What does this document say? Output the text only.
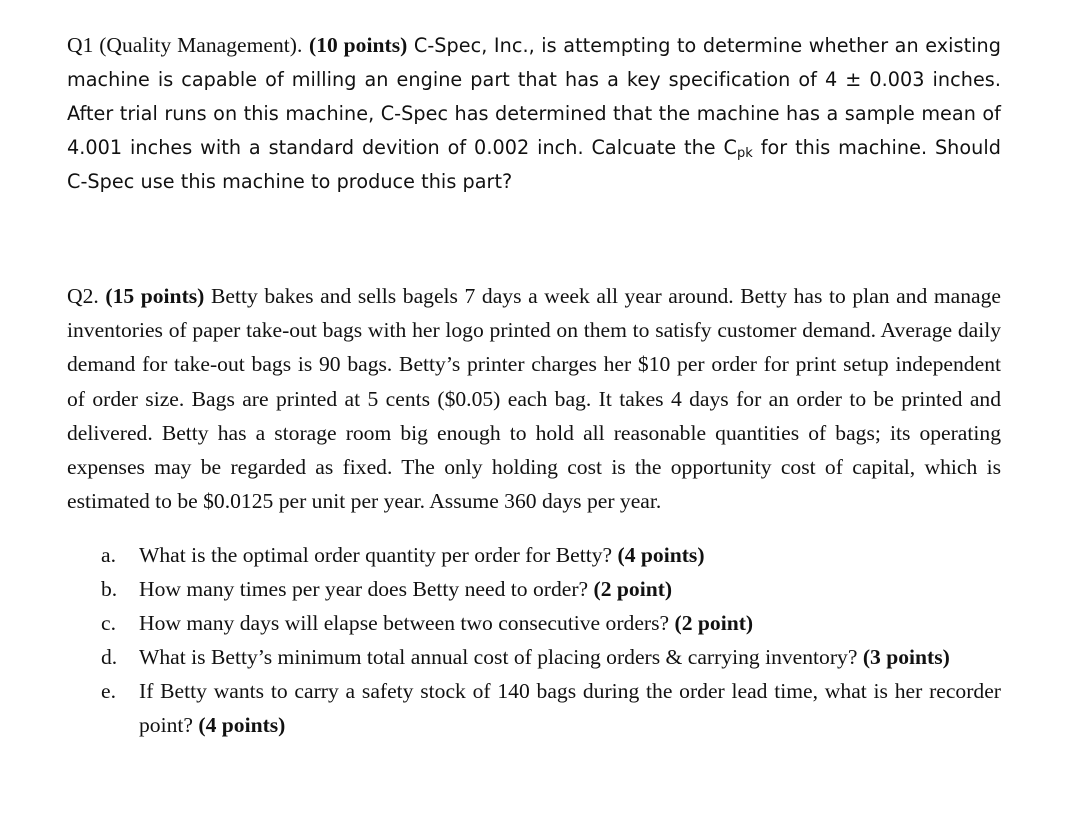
Q1 (Quality Management). (10 points) C-Spec, Inc., is attempting to determine whether an existing machine is capable of milling an engine part that has a key specification of 4 ± 0.003 inches. After trial runs on this machine, C-Spec has determined that the machine has a sample mean of 4.001 inches with a standard devition of 0.002 inch. Calcuate the $C_{pk}$ for this machine. Should C-Spec use this machine to produce this part?

Q2. (15 points) Betty bakes and sells bagels 7 days a week all year around. Betty has to plan and manage inventories of paper take-out bags with her logo printed on them to satisfy customer demand. Average daily demand for take-out bags is 90 bags. Betty’s printer charges her $10 per order for print setup independent of order size. Bags are printed at 5 cents ($0.05) each bag. It takes 4 days for an order to be printed and delivered. Betty has a storage room big enough to hold all reasonable quantities of bags; its operating expenses may be regarded as fixed. The only holding cost is the opportunity cost of capital, which is estimated to be $0.0125 per unit per year. Assume 360 days per year.

a.	What is the optimal order quantity per order for Betty? (4 points)
b.	How many times per year does Betty need to order? (2 point)
c.	How many days will elapse between two consecutive orders? (2 point)
d.	What is Betty’s minimum total annual cost of placing orders & carrying inventory? (3 points)
e.	If Betty wants to carry a safety stock of 140 bags during the order lead time, what is her recorder point? (4 points)
